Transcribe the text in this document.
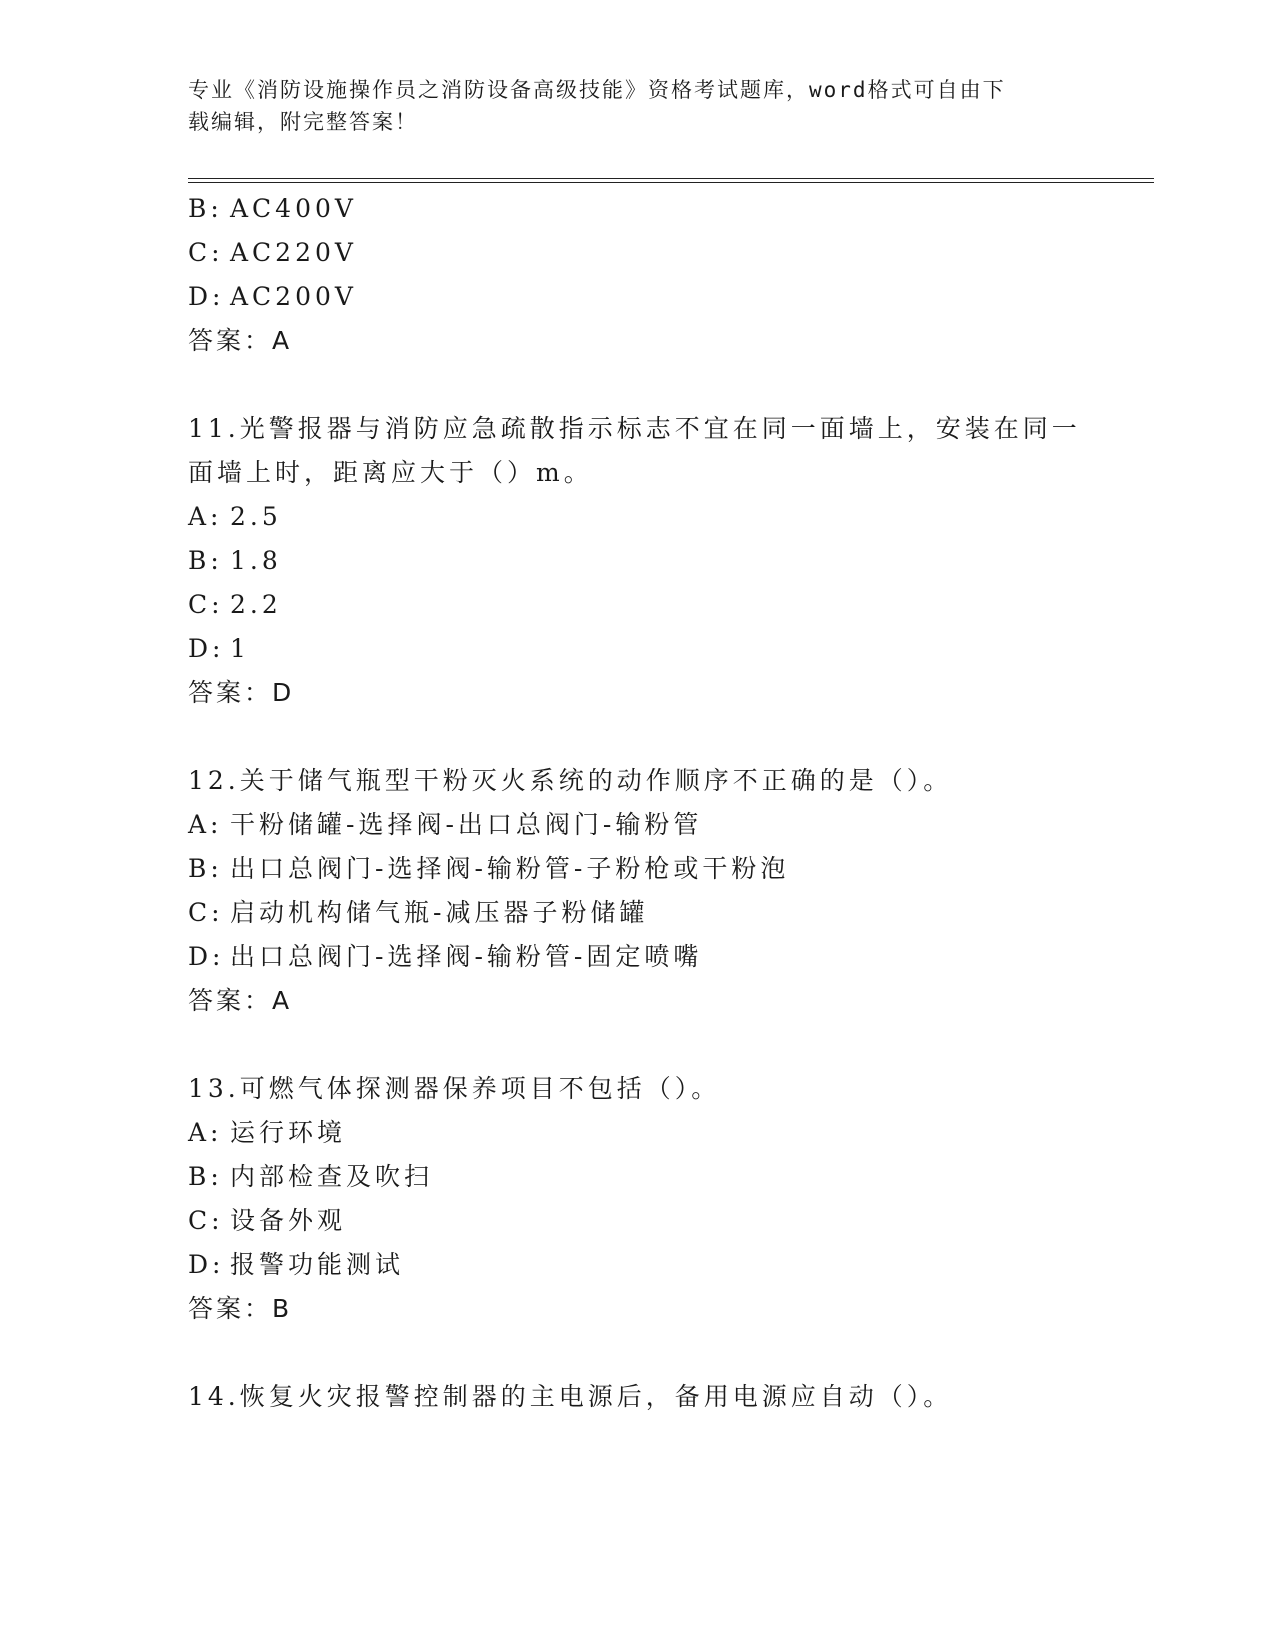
专业《消防设施操作员之消防设备高级技能》资格考试题库，word格式可自由下
载编辑，附完整答案！
B: AC400V
C: AC220V
D: AC200V
答案：A
11.光警报器与消防应急疏散指示标志不宜在同一面墙上，安装在同一
面墙上时，距离应大于（）m。
A: 2.5
B: 1.8
C: 2.2
D: 1
答案：D
12.关于储气瓶型干粉灭火系统的动作顺序不正确的是（）。
A: 干粉储罐-选择阀-出口总阀门-输粉管
B: 出口总阀门-选择阀-输粉管-子粉枪或干粉泡
C: 启动机构储气瓶-减压器子粉储罐
D: 出口总阀门-选择阀-输粉管-固定喷嘴
答案：A
13.可燃气体探测器保养项目不包括（）。
A: 运行环境
B: 内部检查及吹扫
C: 设备外观
D: 报警功能测试
答案：B
14.恢复火灾报警控制器的主电源后，备用电源应自动（）。
